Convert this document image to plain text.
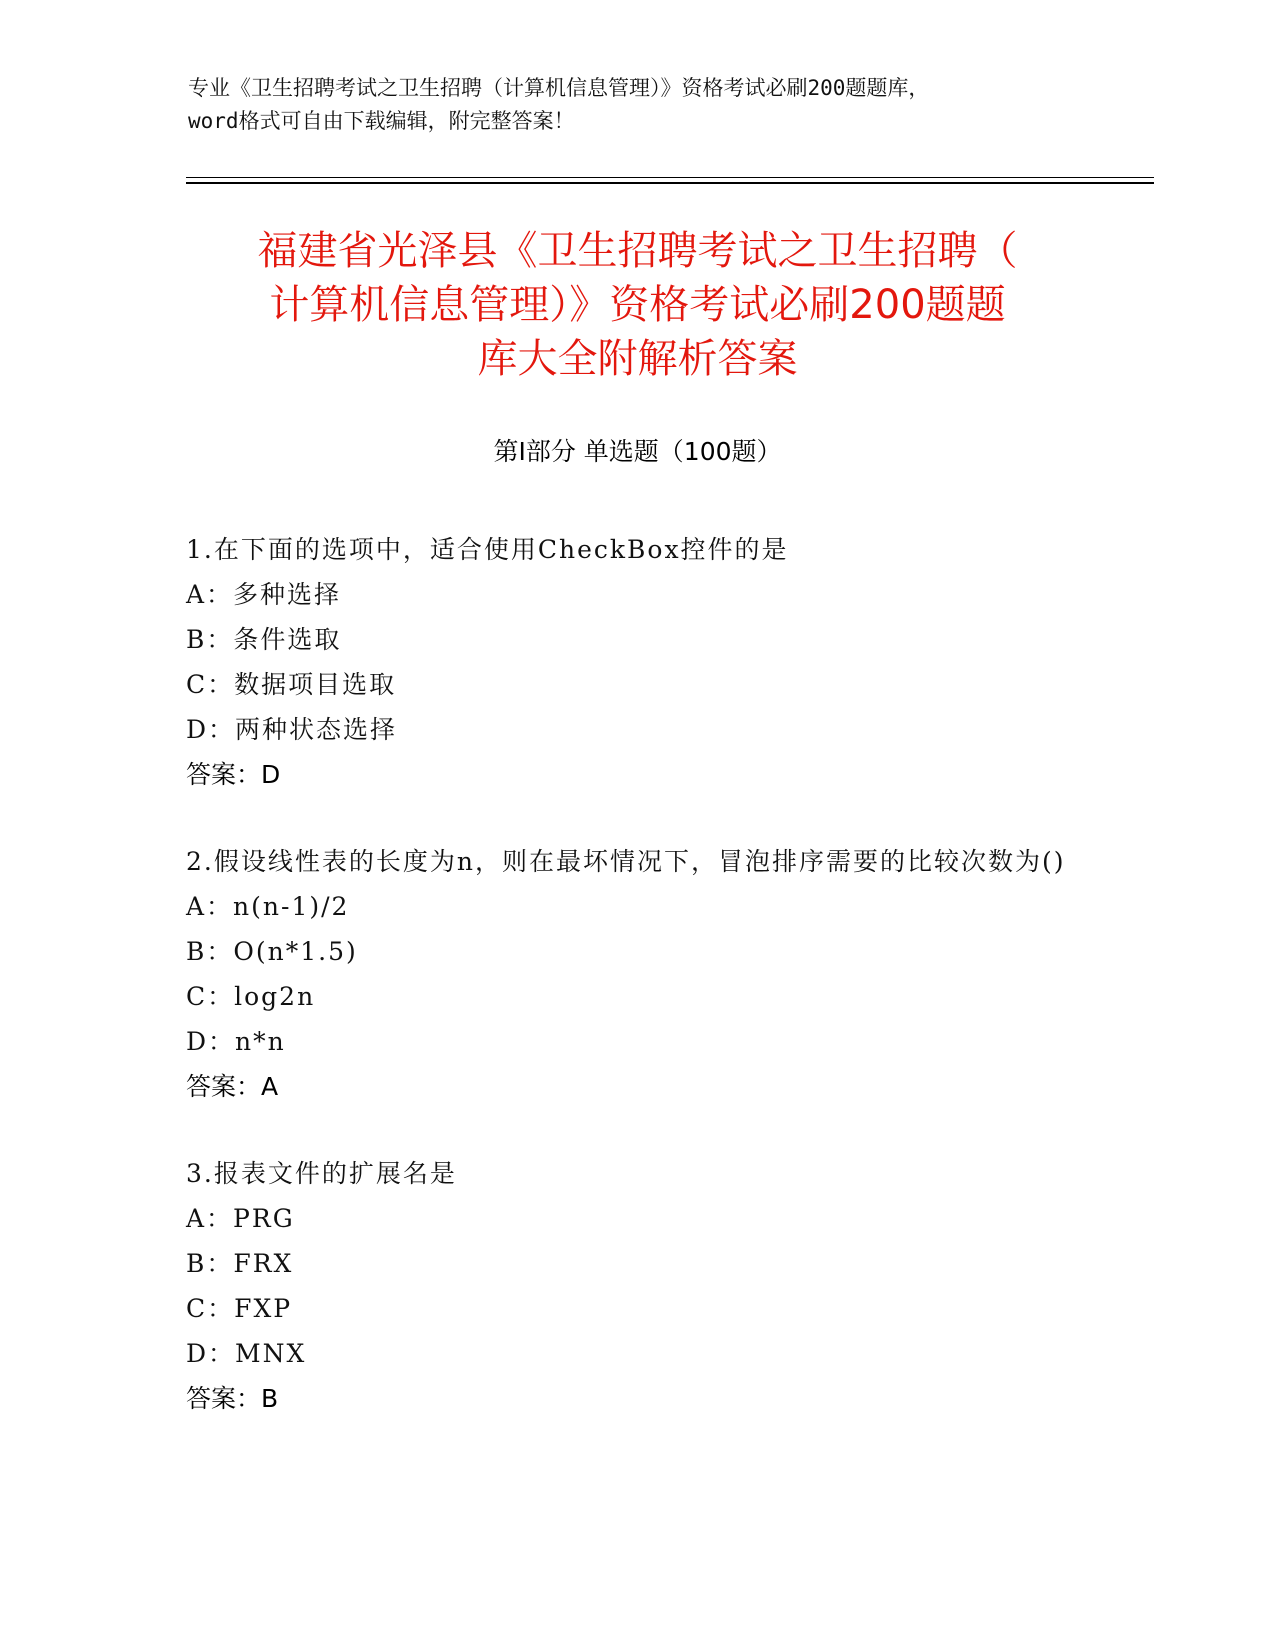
专业《卫生招聘考试之卫生招聘（计算机信息管理）》资格考试必刷200题题库，
word格式可自由下载编辑，附完整答案！
福建省光泽县《卫生招聘考试之卫生招聘（
计算机信息管理）》资格考试必刷200题题
库大全附解析答案
第Ⅰ部分 单选题（100题）
1.在下面的选项中，适合使用CheckBox控件的是
A：多种选择
B：条件选取
C：数据项目选取
D：两种状态选择
答案：D
2.假设线性表的长度为n，则在最坏情况下，冒泡排序需要的比较次数为()
A：n(n-1)/2
B：O(n*1.5)
C：log2n
D：n*n
答案：A
3.报表文件的扩展名是
A：PRG
B：FRX
C：FXP
D：MNX
答案：B
